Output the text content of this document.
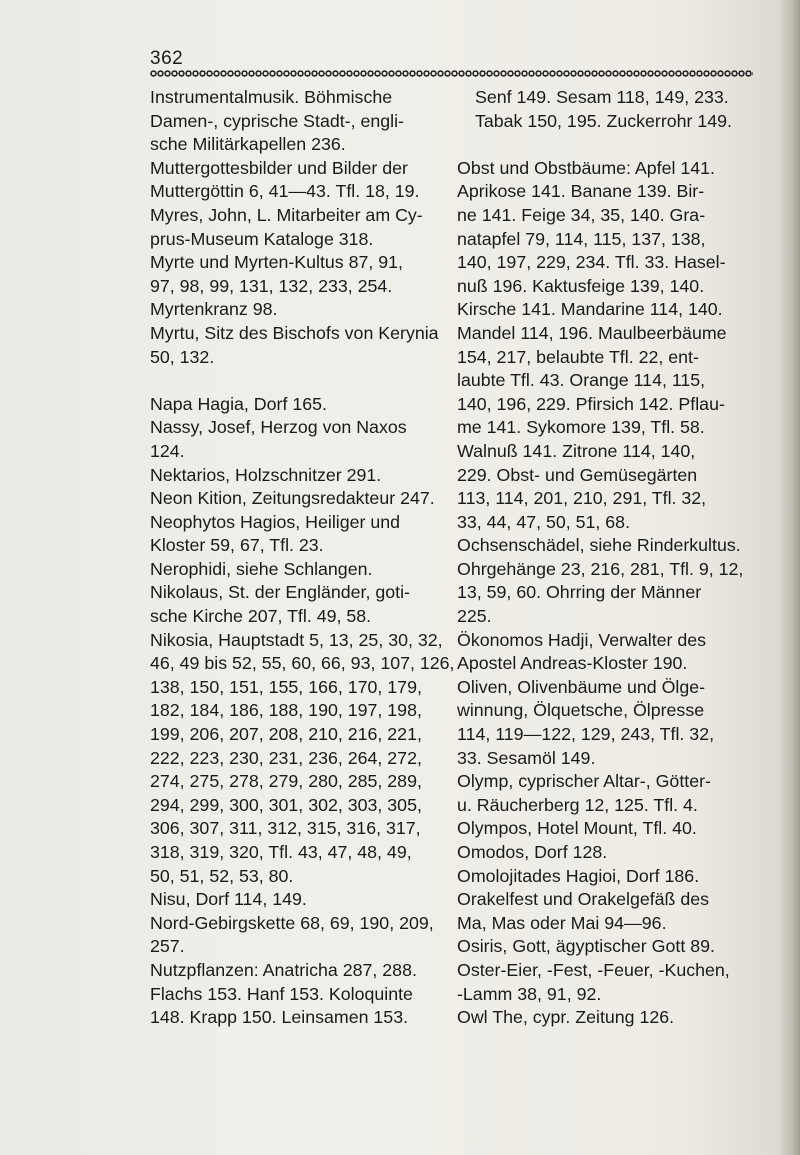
362
Instrumentalmusik. Böhmische
Damen-, cyprische Stadt-, engli-
sche Militärkapellen 236.
Muttergottesbilder und Bilder der
Muttergöttin 6, 41—43. Tfl. 18, 19.
Myres, John, L. Mitarbeiter am Cy-
prus-Museum Kataloge 318.
Myrte und Myrten-Kultus 87, 91,
97, 98, 99, 131, 132, 233, 254.
Myrtenkranz 98.
Myrtu, Sitz des Bischofs von Kerynia
50, 132.
Napa Hagia, Dorf 165.
Nassy, Josef, Herzog von Naxos
124.
Nektarios, Holzschnitzer 291.
Neon Kition, Zeitungsredakteur 247.
Neophytos Hagios, Heiliger und
Kloster 59, 67, Tfl. 23.
Nerophidi, siehe Schlangen.
Nikolaus, St. der Engländer, goti-
sche Kirche 207, Tfl. 49, 58.
Nikosia, Hauptstadt 5, 13, 25, 30, 32,
46, 49 bis 52, 55, 60, 66, 93, 107, 126,
138, 150, 151, 155, 166, 170, 179,
182, 184, 186, 188, 190, 197, 198,
199, 206, 207, 208, 210, 216, 221,
222, 223, 230, 231, 236, 264, 272,
274, 275, 278, 279, 280, 285, 289,
294, 299, 300, 301, 302, 303, 305,
306, 307, 311, 312, 315, 316, 317,
318, 319, 320, Tfl. 43, 47, 48, 49,
50, 51, 52, 53, 80.
Nisu, Dorf 114, 149.
Nord-Gebirgskette 68, 69, 190, 209,
257.
Nutzpflanzen: Anatricha 287, 288.
Flachs 153. Hanf 153. Koloquinte
148. Krapp 150. Leinsamen 153.
Senf 149. Sesam 118, 149, 233.
Tabak 150, 195. Zuckerrohr 149.
Obst und Obstbäume: Apfel 141.
Aprikose 141. Banane 139. Bir-
ne 141. Feige 34, 35, 140. Gra-
natapfel 79, 114, 115, 137, 138,
140, 197, 229, 234. Tfl. 33. Hasel-
nuß 196. Kaktusfeige 139, 140.
Kirsche 141. Mandarine 114, 140.
Mandel 114, 196. Maulbeerbäume
154, 217, belaubte Tfl. 22, ent-
laubte Tfl. 43. Orange 114, 115,
140, 196, 229. Pfirsich 142. Pflau-
me 141. Sykomore 139, Tfl. 58.
Walnuß 141. Zitrone 114, 140,
229. Obst- und Gemüsegärten
113, 114, 201, 210, 291, Tfl. 32,
33, 44, 47, 50, 51, 68.
Ochsenschädel, siehe Rinderkultus.
Ohrgehänge 23, 216, 281, Tfl. 9, 12,
13, 59, 60. Ohrring der Männer
225.
Ökonomos Hadji, Verwalter des
Apostel Andreas-Kloster 190.
Oliven, Olivenbäume und Ölge-
winnung, Ölquetsche, Ölpresse
114, 119—122, 129, 243, Tfl. 32,
33. Sesamöl 149.
Olymp, cyprischer Altar-, Götter-
u. Räucherberg 12, 125. Tfl. 4.
Olympos, Hotel Mount, Tfl. 40.
Omodos, Dorf 128.
Omolojitades Hagioi, Dorf 186.
Orakelfest und Orakelgefäß des
Ma, Mas oder Mai 94—96.
Osiris, Gott, ägyptischer Gott 89.
Oster-Eier, -Fest, -Feuer, -Kuchen,
-Lamm 38, 91, 92.
Owl The, cypr. Zeitung 126.
